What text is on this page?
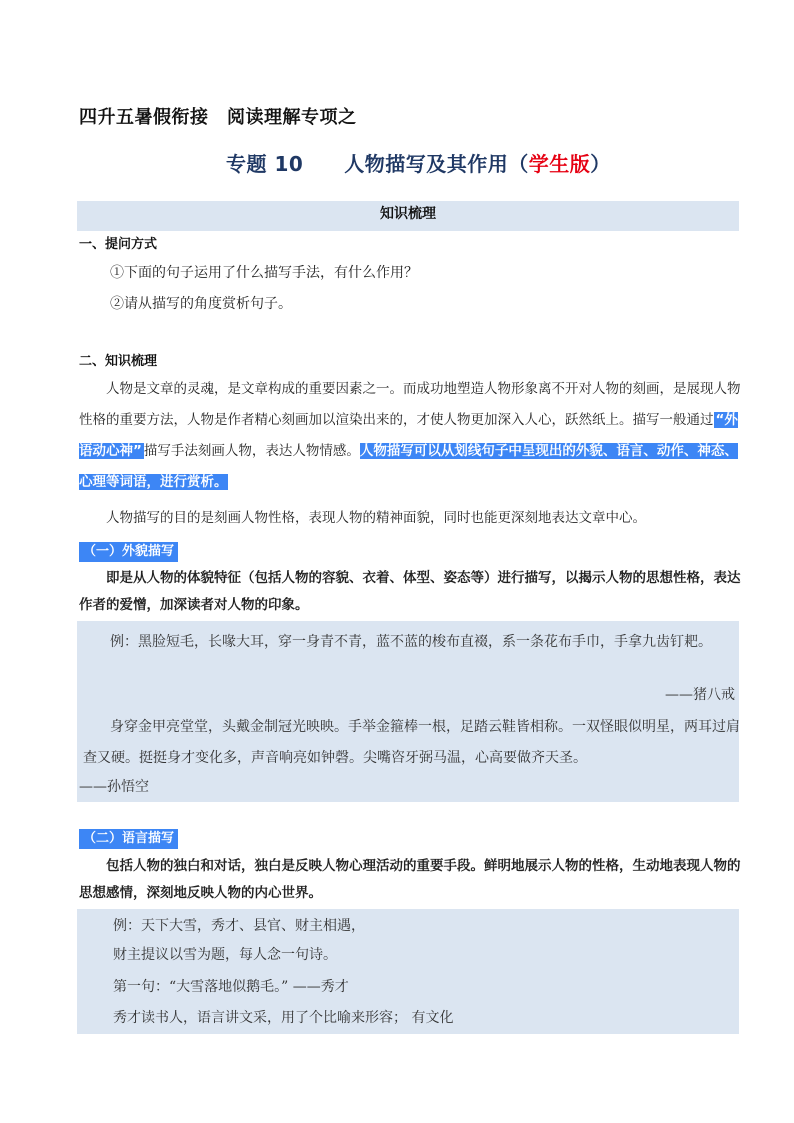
四升五暑假衔接　阅读理解专项之
专题 10　　人物描写及其作用（学生版）
知识梳理
一、提问方式
①下面的句子运用了什么描写手法，有什么作用？
②请从描写的角度赏析句子。
二、知识梳理
人物是文章的灵魂，是文章构成的重要因素之一。而成功地塑造人物形象离不开对人物的刻画，是展现人物性格的重要方法，人物是作者精心刻画加以渲染出来的，才使人物更加深入人心，跃然纸上。描写一般通过 “外语动心神” 描写手法刻画人物，表达人物情感。人物描写可以从划线句子中呈现出的外貌、语言、动作、神态、心理等词语，进行赏析。
人物描写的目的是刻画人物性格，表现人物的精神面貌，同时也能更深刻地表达文章中心。
（一）外貌描写
即是从人物的体貌特征（包括人物的容貌、衣着、体型、姿态等）进行描写，以揭示人物的思想性格，表达作者的爱憎，加深读者对人物的印象。
例：黑脸短毛，长喙大耳，穿一身青不青，蓝不蓝的梭布直裰，系一条花布手巾，手拿九齿钉耙。
——猪八戒
身穿金甲亮堂堂，头戴金制冠光映映。手举金箍棒一根，足踏云鞋皆相称。一双怪眼似明星，两耳过肩查又硬。挺挺身才变化多，声音响亮如钟磬。尖嘴咨牙弼马温，心高要做齐天圣。
——孙悟空
（二）语言描写
包括人物的独白和对话，独白是反映人物心理活动的重要手段。鲜明地展示人物的性格，生动地表现人物的思想感情，深刻地反映人物的内心世界。
例：天下大雪，秀才、县官、财主相遇，
财主提议以雪为题，每人念一句诗。
第一句：“大雪落地似鹅毛。” ——秀才
秀才读书人，语言讲文采，用了个比喻来形容； 有文化
